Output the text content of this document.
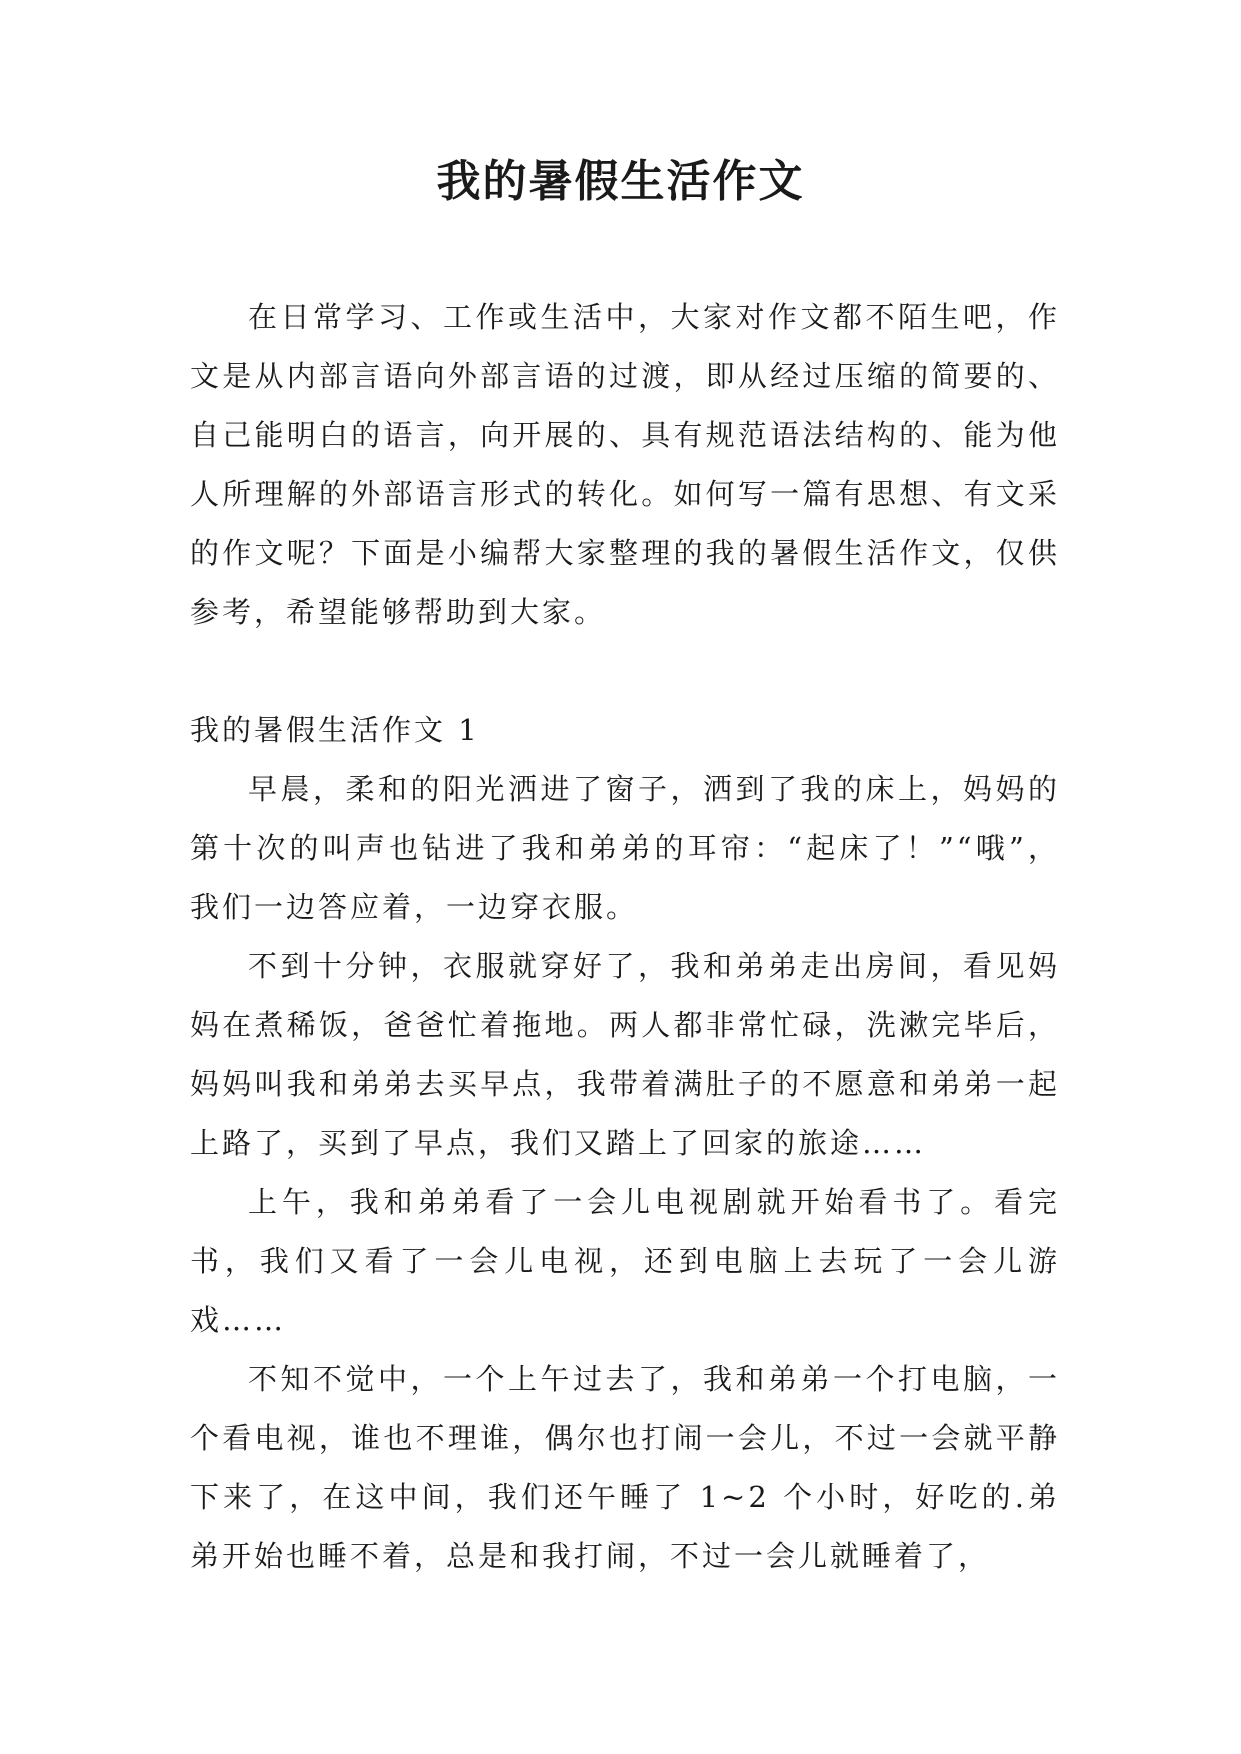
我的暑假生活作文

在日常学习、工作或生活中，大家对作文都不陌生吧，作文是从内部言语向外部言语的过渡，即从经过压缩的简要的、自己能明白的语言，向开展的、具有规范语法结构的、能为他人所理解的外部语言形式的转化。如何写一篇有思想、有文采的作文呢？下面是小编帮大家整理的我的暑假生活作文，仅供参考，希望能够帮助到大家。

我的暑假生活作文 1

早晨，柔和的阳光洒进了窗子，洒到了我的床上，妈妈的第十次的叫声也钻进了我和弟弟的耳帘：“起床了！”“哦”，我们一边答应着，一边穿衣服。

不到十分钟，衣服就穿好了，我和弟弟走出房间，看见妈妈在煮稀饭，爸爸忙着拖地。两人都非常忙碌，洗漱完毕后，妈妈叫我和弟弟去买早点，我带着满肚子的不愿意和弟弟一起上路了，买到了早点，我们又踏上了回家的旅途……

上午，我和弟弟看了一会儿电视剧就开始看书了。看完书，我们又看了一会儿电视，还到电脑上去玩了一会儿游戏……

不知不觉中，一个上午过去了，我和弟弟一个打电脑，一个看电视，谁也不理谁，偶尔也打闹一会儿，不过一会就平静下来了，在这中间，我们还午睡了 1~2 个小时，好吃的.弟弟开始也睡不着，总是和我打闹，不过一会儿就睡着了，
